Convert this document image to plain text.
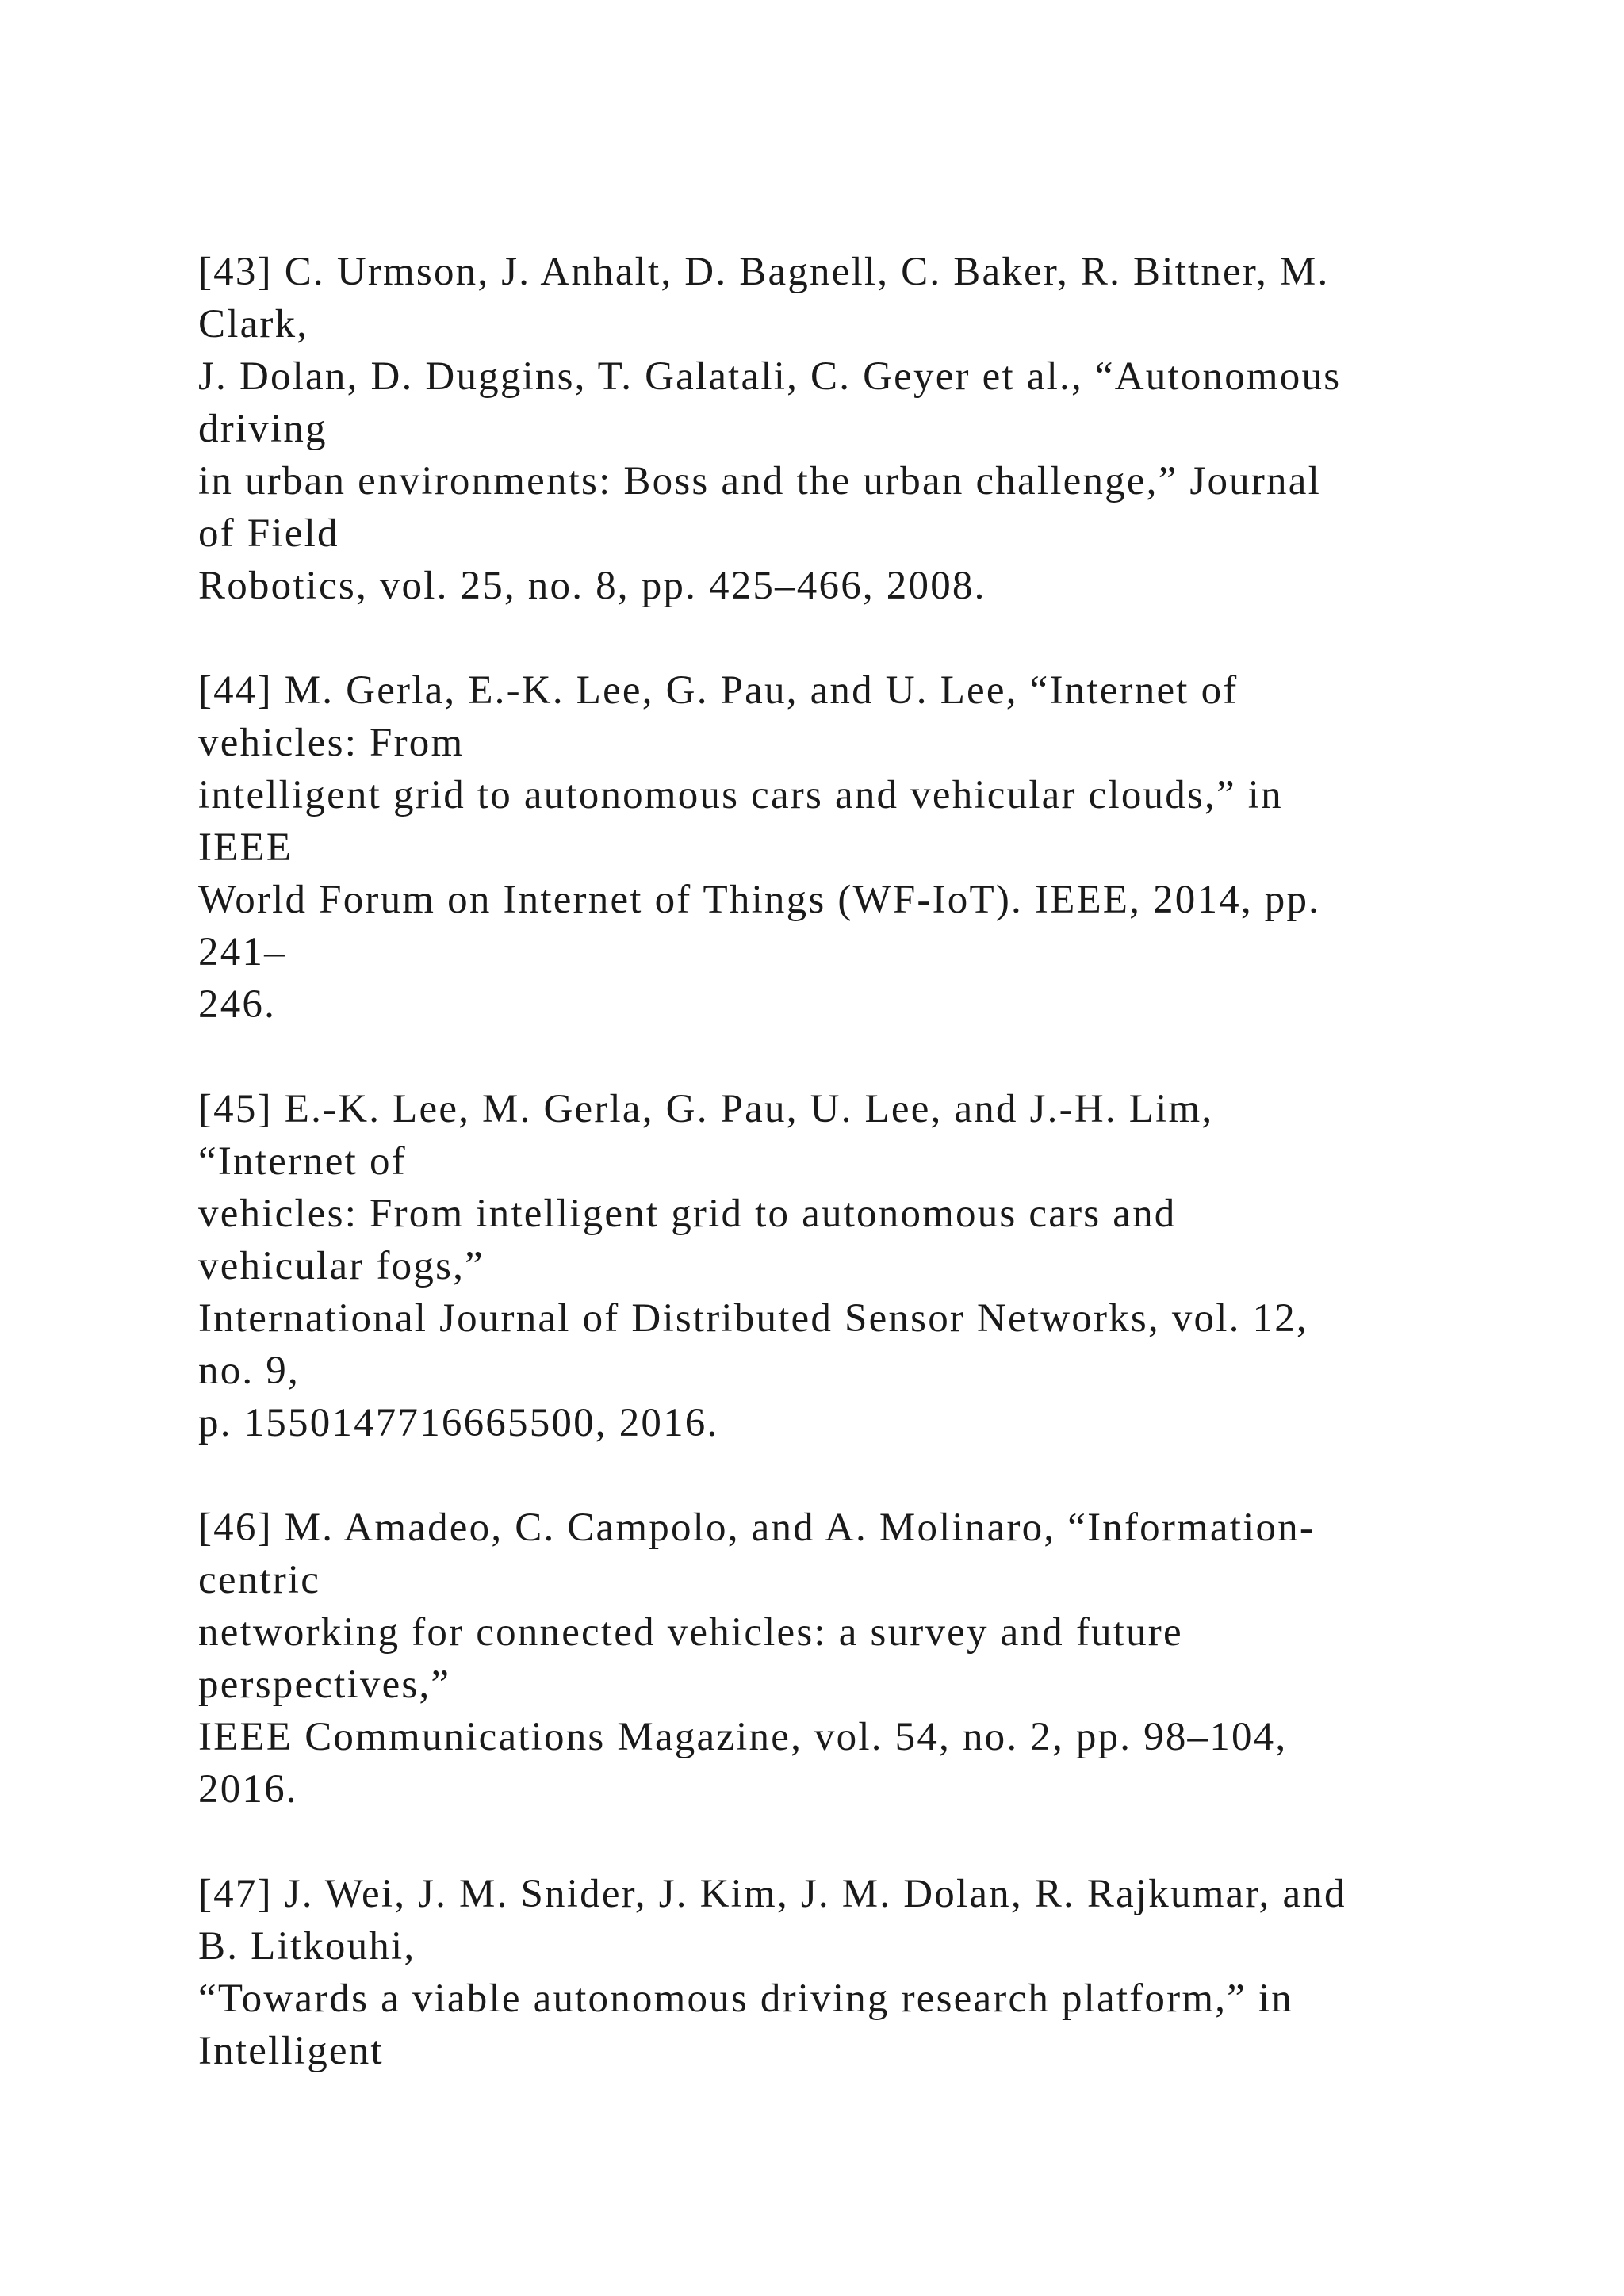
[43] C. Urmson, J. Anhalt, D. Bagnell, C. Baker, R. Bittner, M.
Clark,
J. Dolan, D. Duggins, T. Galatali, C. Geyer et al., “Autonomous
driving
in urban environments: Boss and the urban challenge,” Journal
of Field
Robotics, vol. 25, no. 8, pp. 425–466, 2008.
[44] M. Gerla, E.-K. Lee, G. Pau, and U. Lee, “Internet of
vehicles: From
intelligent grid to autonomous cars and vehicular clouds,” in
IEEE
World Forum on Internet of Things (WF-IoT). IEEE, 2014, pp.
241–
246.
[45] E.-K. Lee, M. Gerla, G. Pau, U. Lee, and J.-H. Lim,
“Internet of
vehicles: From intelligent grid to autonomous cars and
vehicular fogs,”
International Journal of Distributed Sensor Networks, vol. 12,
no. 9,
p. 1550147716665500, 2016.
[46] M. Amadeo, C. Campolo, and A. Molinaro, “Information-
centric
networking for connected vehicles: a survey and future
perspectives,”
IEEE Communications Magazine, vol. 54, no. 2, pp. 98–104,
2016.
[47] J. Wei, J. M. Snider, J. Kim, J. M. Dolan, R. Rajkumar, and
B. Litkouhi,
“Towards a viable autonomous driving research platform,” in
Intelligent
